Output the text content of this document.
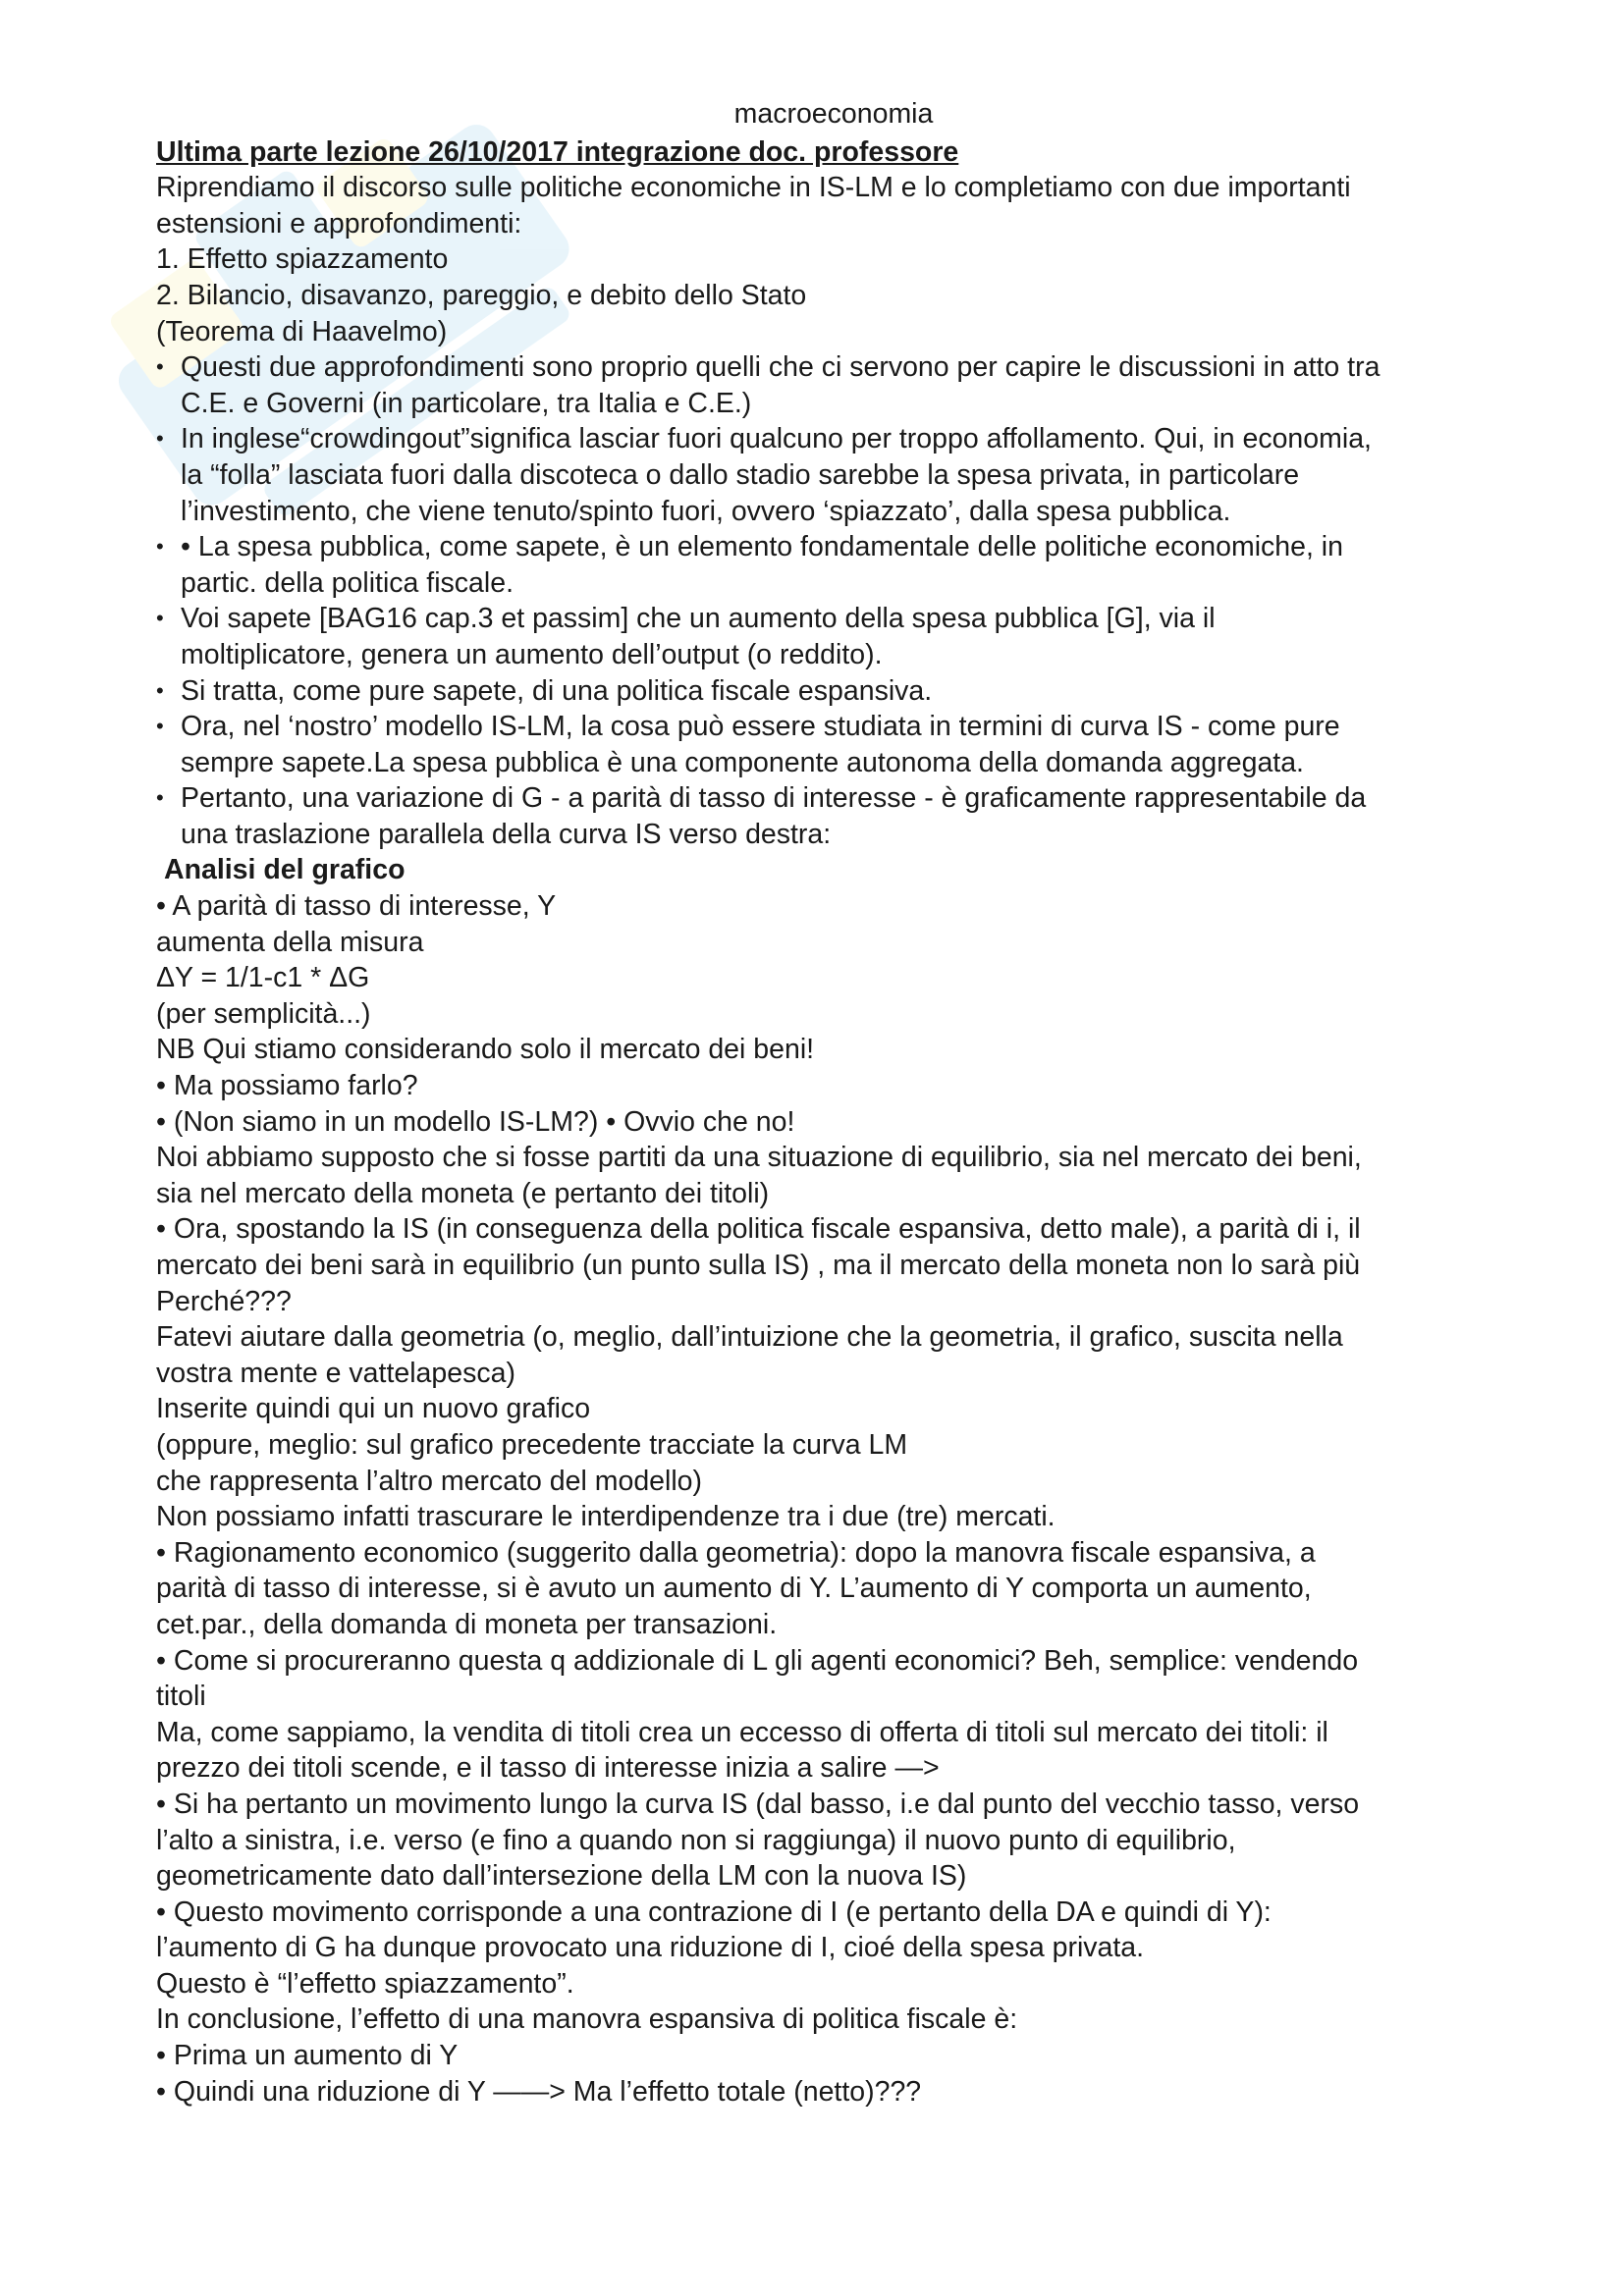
macroeconomia
Ultima parte lezione 26/10/2017 integrazione doc. professore
Riprendiamo il discorso sulle politiche economiche in IS-LM e lo completiamo con due importanti
estensioni e approfondimenti:
1. Effetto spiazzamento
2. Bilancio, disavanzo, pareggio, e debito dello Stato
(Teorema di Haavelmo)
• Questi due approfondimenti sono proprio quelli che ci servono per capire le discussioni in atto tra
C.E. e Governi (in particolare, tra Italia e C.E.)
• In inglese“crowdingout”significa lasciar fuori qualcuno per troppo affollamento. Qui, in economia,
la “folla” lasciata fuori dalla discoteca o dallo stadio sarebbe la spesa privata, in particolare
l’investimento, che viene tenuto/spinto fuori, ovvero ‘spiazzato’, dalla spesa pubblica.
• • La spesa pubblica, come sapete, è un elemento fondamentale delle politiche economiche, in
partic. della politica fiscale.
• Voi sapete [BAG16 cap.3 et passim] che un aumento della spesa pubblica [G], via il
moltiplicatore, genera un aumento dell’output (o reddito).
• Si tratta, come pure sapete, di una politica fiscale espansiva.
• Ora, nel ‘nostro’ modello IS-LM, la cosa può essere studiata in termini di curva IS - come pure
sempre sapete.La spesa pubblica è una componente autonoma della domanda aggregata.
• Pertanto, una variazione di G - a parità di tasso di interesse - è graficamente rappresentabile da
una traslazione parallela della curva IS verso destra:
Analisi del grafico
• A parità di tasso di interesse, Y
aumenta della misura
ΔY = 1/1-c1 * ΔG
(per semplicità...)
NB Qui stiamo considerando solo il mercato dei beni!
• Ma possiamo farlo?
• (Non siamo in un modello IS-LM?) • Ovvio che no!
Noi abbiamo supposto che si fosse partiti da una situazione di equilibrio, sia nel mercato dei beni,
sia nel mercato della moneta (e pertanto dei titoli)
• Ora, spostando la IS (in conseguenza della politica fiscale espansiva, detto male), a parità di i, il
mercato dei beni sarà in equilibrio (un punto sulla IS) , ma il mercato della moneta non lo sarà più
Perché???
Fatevi aiutare dalla geometria (o, meglio, dall’intuizione che la geometria, il grafico, suscita nella
vostra mente e vattelapesca)
Inserite quindi qui un nuovo grafico
(oppure, meglio: sul grafico precedente tracciate la curva LM
che rappresenta l’altro mercato del modello)
Non possiamo infatti trascurare le interdipendenze tra i due (tre) mercati.
• Ragionamento economico (suggerito dalla geometria): dopo la manovra fiscale espansiva, a
parità di tasso di interesse, si è avuto un aumento di Y. L’aumento di Y comporta un aumento,
cet.par., della domanda di moneta per transazioni.
• Come si procureranno questa q addizionale di L gli agenti economici? Beh, semplice: vendendo
titoli
Ma, come sappiamo, la vendita di titoli crea un eccesso di offerta di titoli sul mercato dei titoli: il
prezzo dei titoli scende, e il tasso di interesse inizia a salire —>
• Si ha pertanto un movimento lungo la curva IS (dal basso, i.e dal punto del vecchio tasso, verso
l’alto a sinistra, i.e. verso (e fino a quando non si raggiunga) il nuovo punto di equilibrio,
geometricamente dato dall’intersezione della LM con la nuova IS)
• Questo movimento corrisponde a una contrazione di I (e pertanto della DA e quindi di Y):
l’aumento di G ha dunque provocato una riduzione di I, cioé della spesa privata.
Questo è “l’effetto spiazzamento”.
In conclusione, l’effetto di una manovra espansiva di politica fiscale è:
• Prima un aumento di Y
• Quindi una riduzione di Y ——> Ma l’effetto totale (netto)???
